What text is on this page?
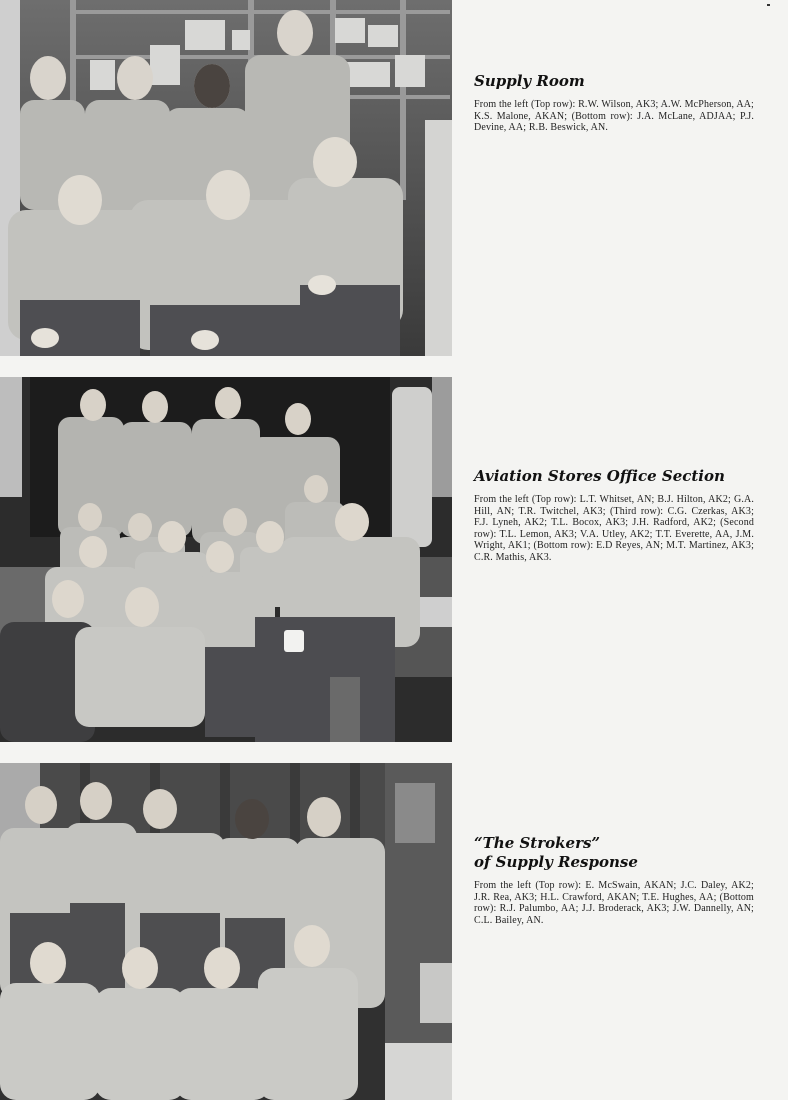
Supply Room

From the left (Top row): R.W. Wilson, AK3; A.W. McPherson, AA; K.S. Malone, AKAN; (Bottom row): J.A. McLane, ADJAA; P.J. Devine, AA; R.B. Beswick, AN.

Aviation Stores Office Section

From the left (Top row): L.T. Whitset, AN; B.J. Hilton, AK2; G.A. Hill, AN; T.R. Twitchel, AK3; (Third row): C.G. Czerkas, AK3; F.J. Lyneh, AK2; T.L. Bocox, AK3; J.H. Radford, AK2; (Second row): T.L. Lemon, AK3; V.A. Utley, AK2; T.T. Everette, AA, J.M. Wright, AK1; (Bottom row): E.D Reyes, AN; M.T. Martinez, AK3; C.R. Mathis, AK3.

“The Strokers”
of Supply Response

From the left (Top row): E. McSwain, AKAN; J.C. Daley, AK2; J.R. Rea, AK3; H.L. Crawford, AKAN; T.E. Hughes, AA; (Bottom row): R.J. Palumbo, AA; J.J. Broderack, AK3; J.W. Dannelly, AN; C.L. Bailey, AN.
